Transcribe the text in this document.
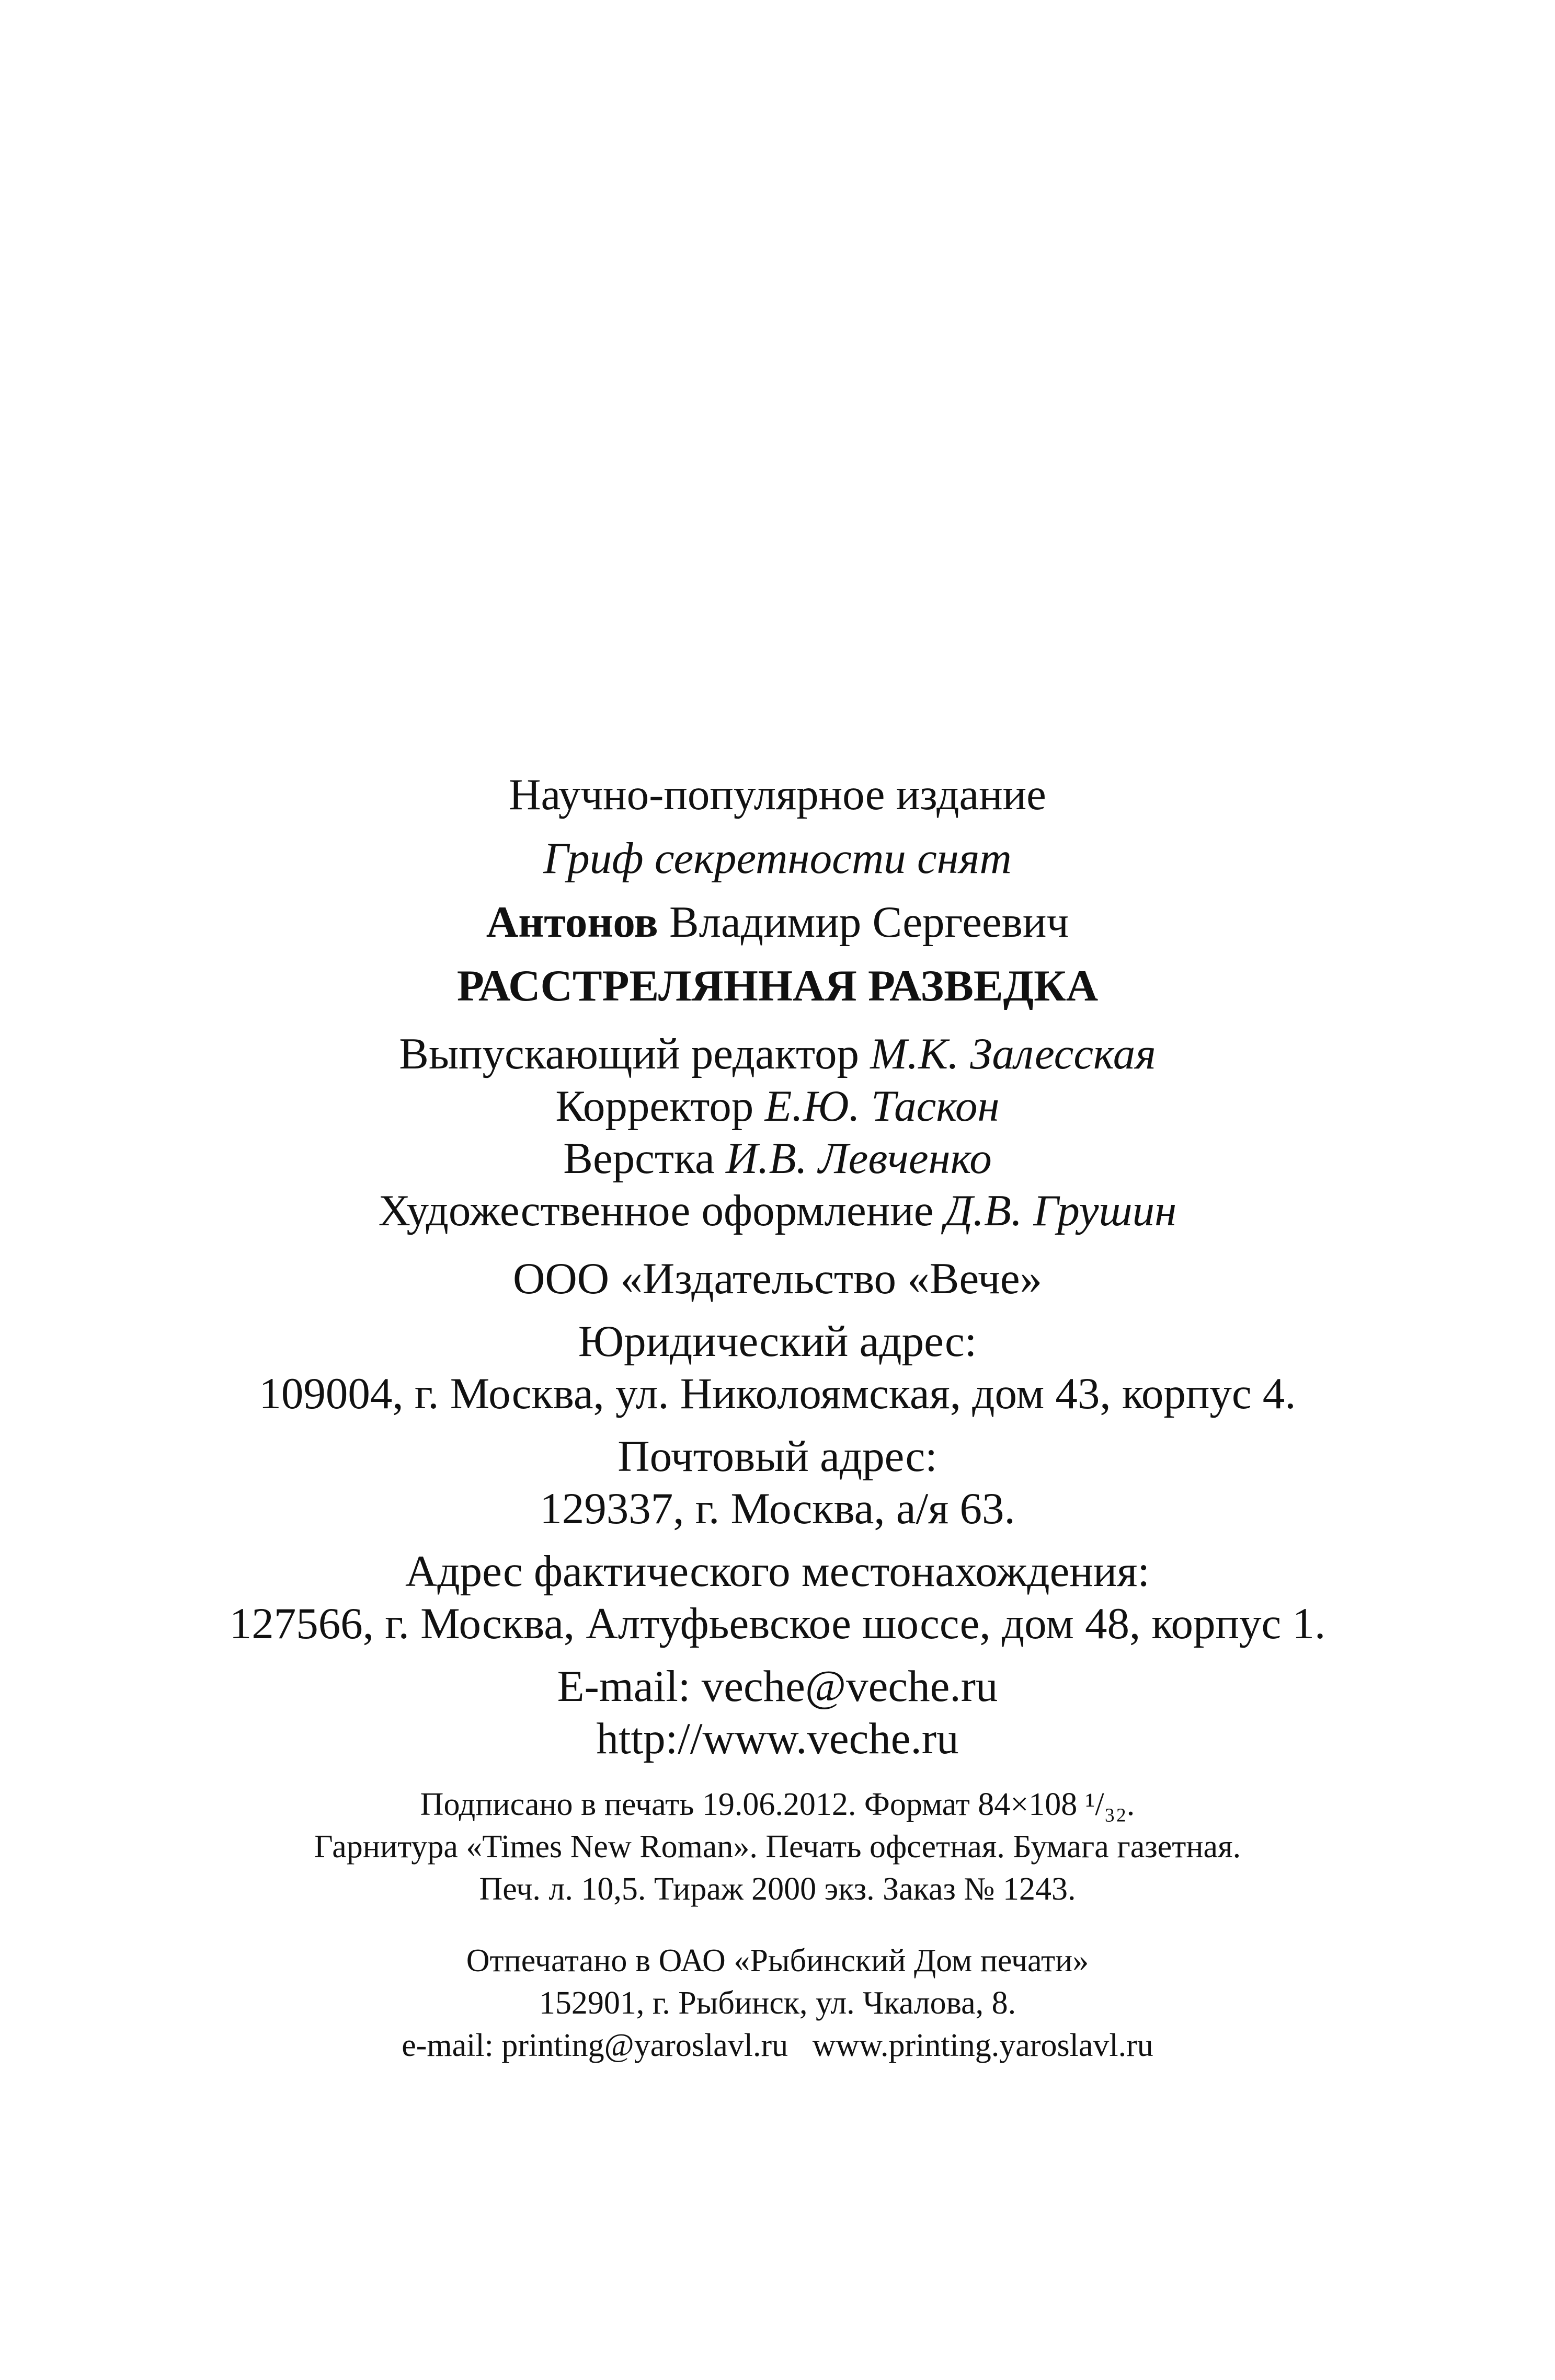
Научно-популярное издание
Гриф секретности снят
Антонов Владимир Сергеевич
РАССТРЕЛЯННАЯ РАЗВЕДКА
Выпускающий редактор М.К. Залесская
Корректор Е.Ю. Таскон
Верстка И.В. Левченко
Художественное оформление Д.В. Грушин
ООО «Издательство «Вече»
Юридический адрес:
109004, г. Москва, ул. Николоямская, дом 43, корпус 4.
Почтовый адрес:
129337, г. Москва, а/я 63.
Адрес фактического местонахождения:
127566, г. Москва, Алтуфьевское шоссе, дом 48, корпус 1.
E-mail: veche@veche.ru
http://www.veche.ru
Подписано в печать 19.06.2012. Формат 84×108 ¹/₃₂.
Гарнитура «Times New Roman». Печать офсетная. Бумага газетная.
Печ. л. 10,5. Тираж 2000 экз. Заказ № 1243.
Отпечатано в ОАО «Рыбинский Дом печати»
152901, г. Рыбинск, ул. Чкалова, 8.
e-mail: printing@yaroslavl.ru   www.printing.yaroslavl.ru
